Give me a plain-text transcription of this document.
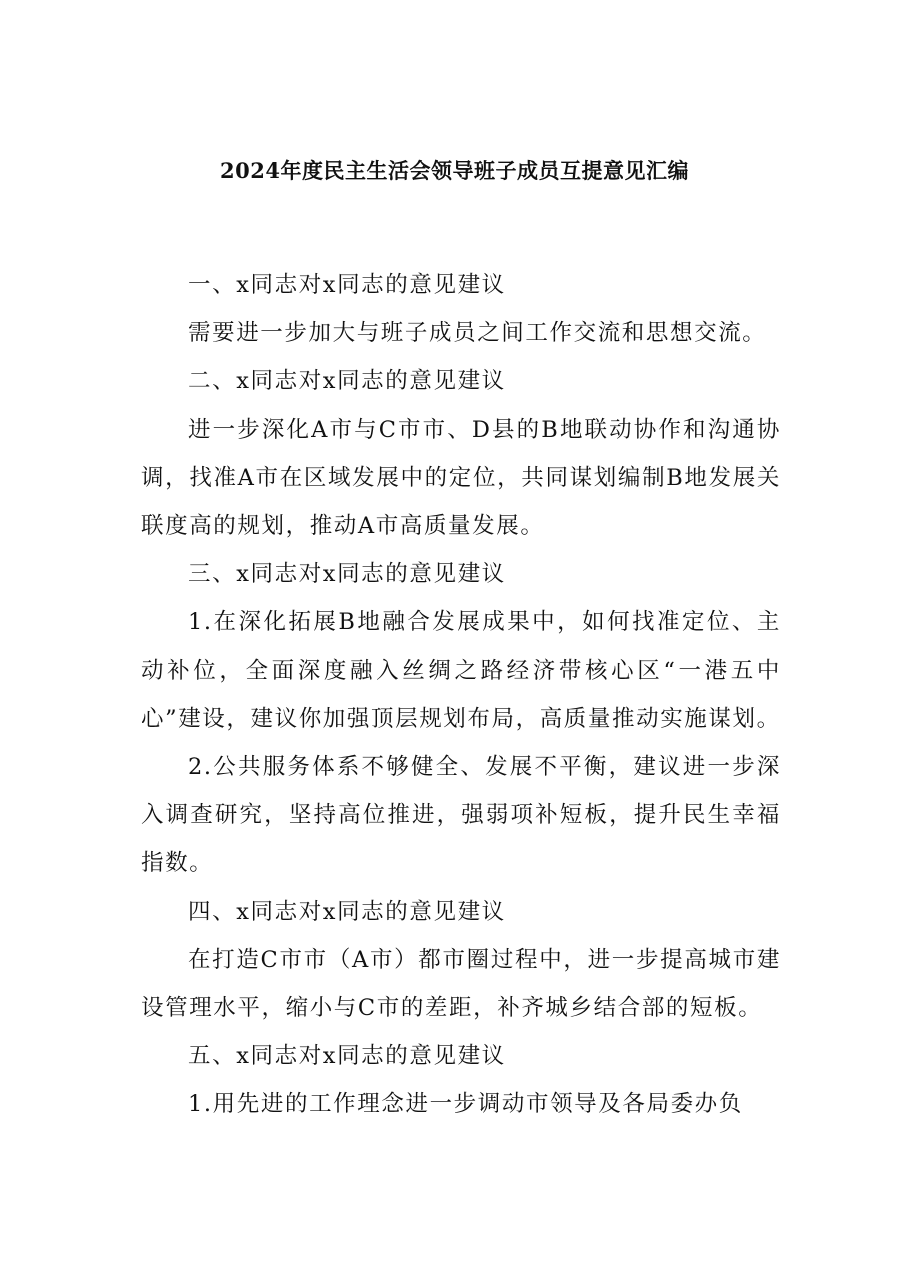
2024年度民主生活会领导班子成员互提意见汇编

一、x同志对x同志的意见建议

需要进一步加大与班子成员之间工作交流和思想交流。

二、x同志对x同志的意见建议

进一步深化A市与C市市、D县的B地联动协作和沟通协调，找准A市在区域发展中的定位，共同谋划编制B地发展关联度高的规划，推动A市高质量发展。

三、x同志对x同志的意见建议

1.在深化拓展B地融合发展成果中，如何找准定位、主动补位，全面深度融入丝绸之路经济带核心区“一港五中心”建设，建议你加强顶层规划布局，高质量推动实施谋划。

2.公共服务体系不够健全、发展不平衡，建议进一步深入调查研究，坚持高位推进，强弱项补短板，提升民生幸福指数。

四、x同志对x同志的意见建议

在打造C市市（A市）都市圈过程中，进一步提高城市建设管理水平，缩小与C市的差距，补齐城乡结合部的短板。

五、x同志对x同志的意见建议

1.用先进的工作理念进一步调动市领导及各局委办负
